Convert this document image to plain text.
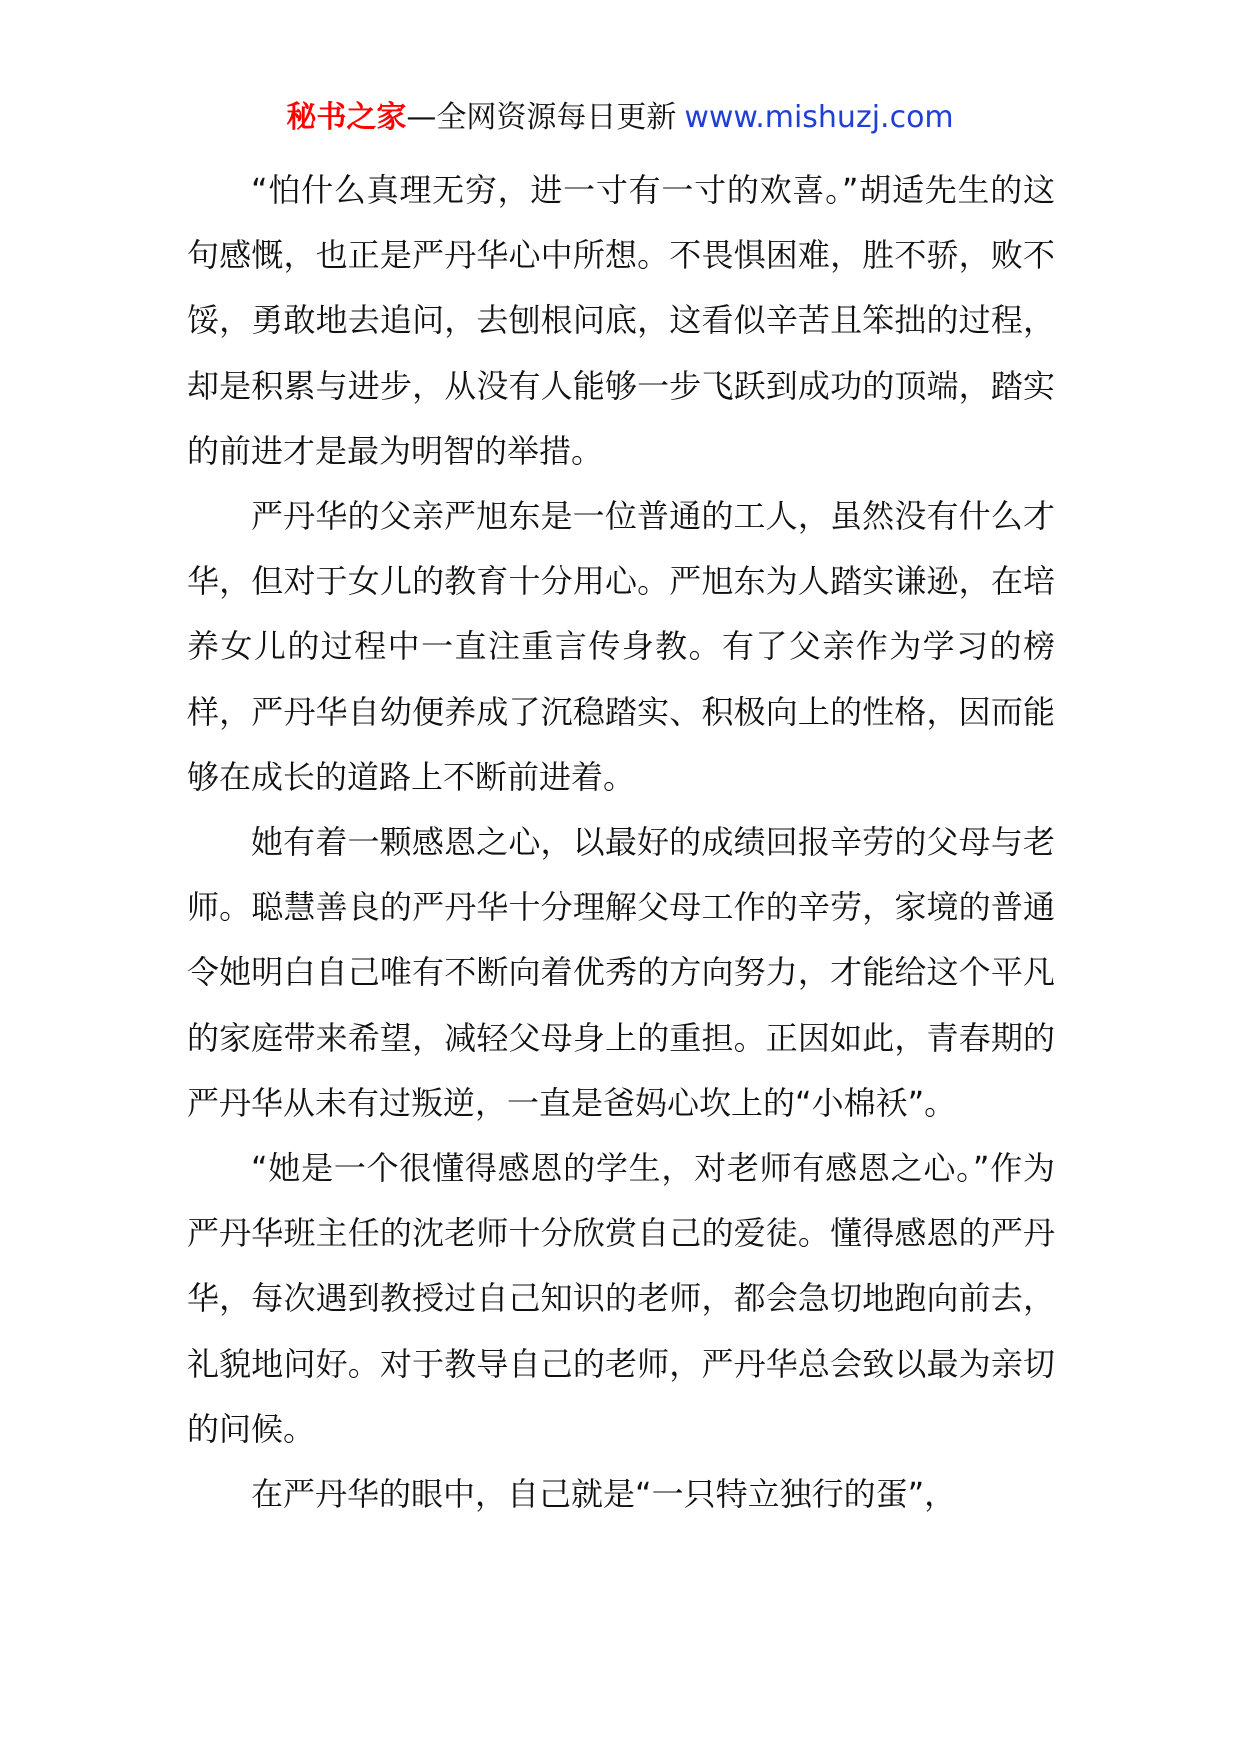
秘书之家—全网资源每日更新 www.mishuzj.com

“怕什么真理无穷，进一寸有一寸的欢喜。”胡适先生的这句感慨，也正是严丹华心中所想。不畏惧困难，胜不骄，败不馁，勇敢地去追问，去刨根问底，这看似辛苦且笨拙的过程，却是积累与进步，从没有人能够一步飞跃到成功的顶端，踏实的前进才是最为明智的举措。

严丹华的父亲严旭东是一位普通的工人，虽然没有什么才华，但对于女儿的教育十分用心。严旭东为人踏实谦逊，在培养女儿的过程中一直注重言传身教。有了父亲作为学习的榜样，严丹华自幼便养成了沉稳踏实、积极向上的性格，因而能够在成长的道路上不断前进着。

她有着一颗感恩之心，以最好的成绩回报辛劳的父母与老师。聪慧善良的严丹华十分理解父母工作的辛劳，家境的普通令她明白自己唯有不断向着优秀的方向努力，才能给这个平凡的家庭带来希望，减轻父母身上的重担。正因如此，青春期的严丹华从未有过叛逆，一直是爸妈心坎上的“小棉袄”。

“她是一个很懂得感恩的学生，对老师有感恩之心。”作为严丹华班主任的沈老师十分欣赏自己的爱徒。懂得感恩的严丹华，每次遇到教授过自己知识的老师，都会急切地跑向前去，礼貌地问好。对于教导自己的老师，严丹华总会致以最为亲切的问候。

在严丹华的眼中，自己就是“一只特立独行的蛋”，
